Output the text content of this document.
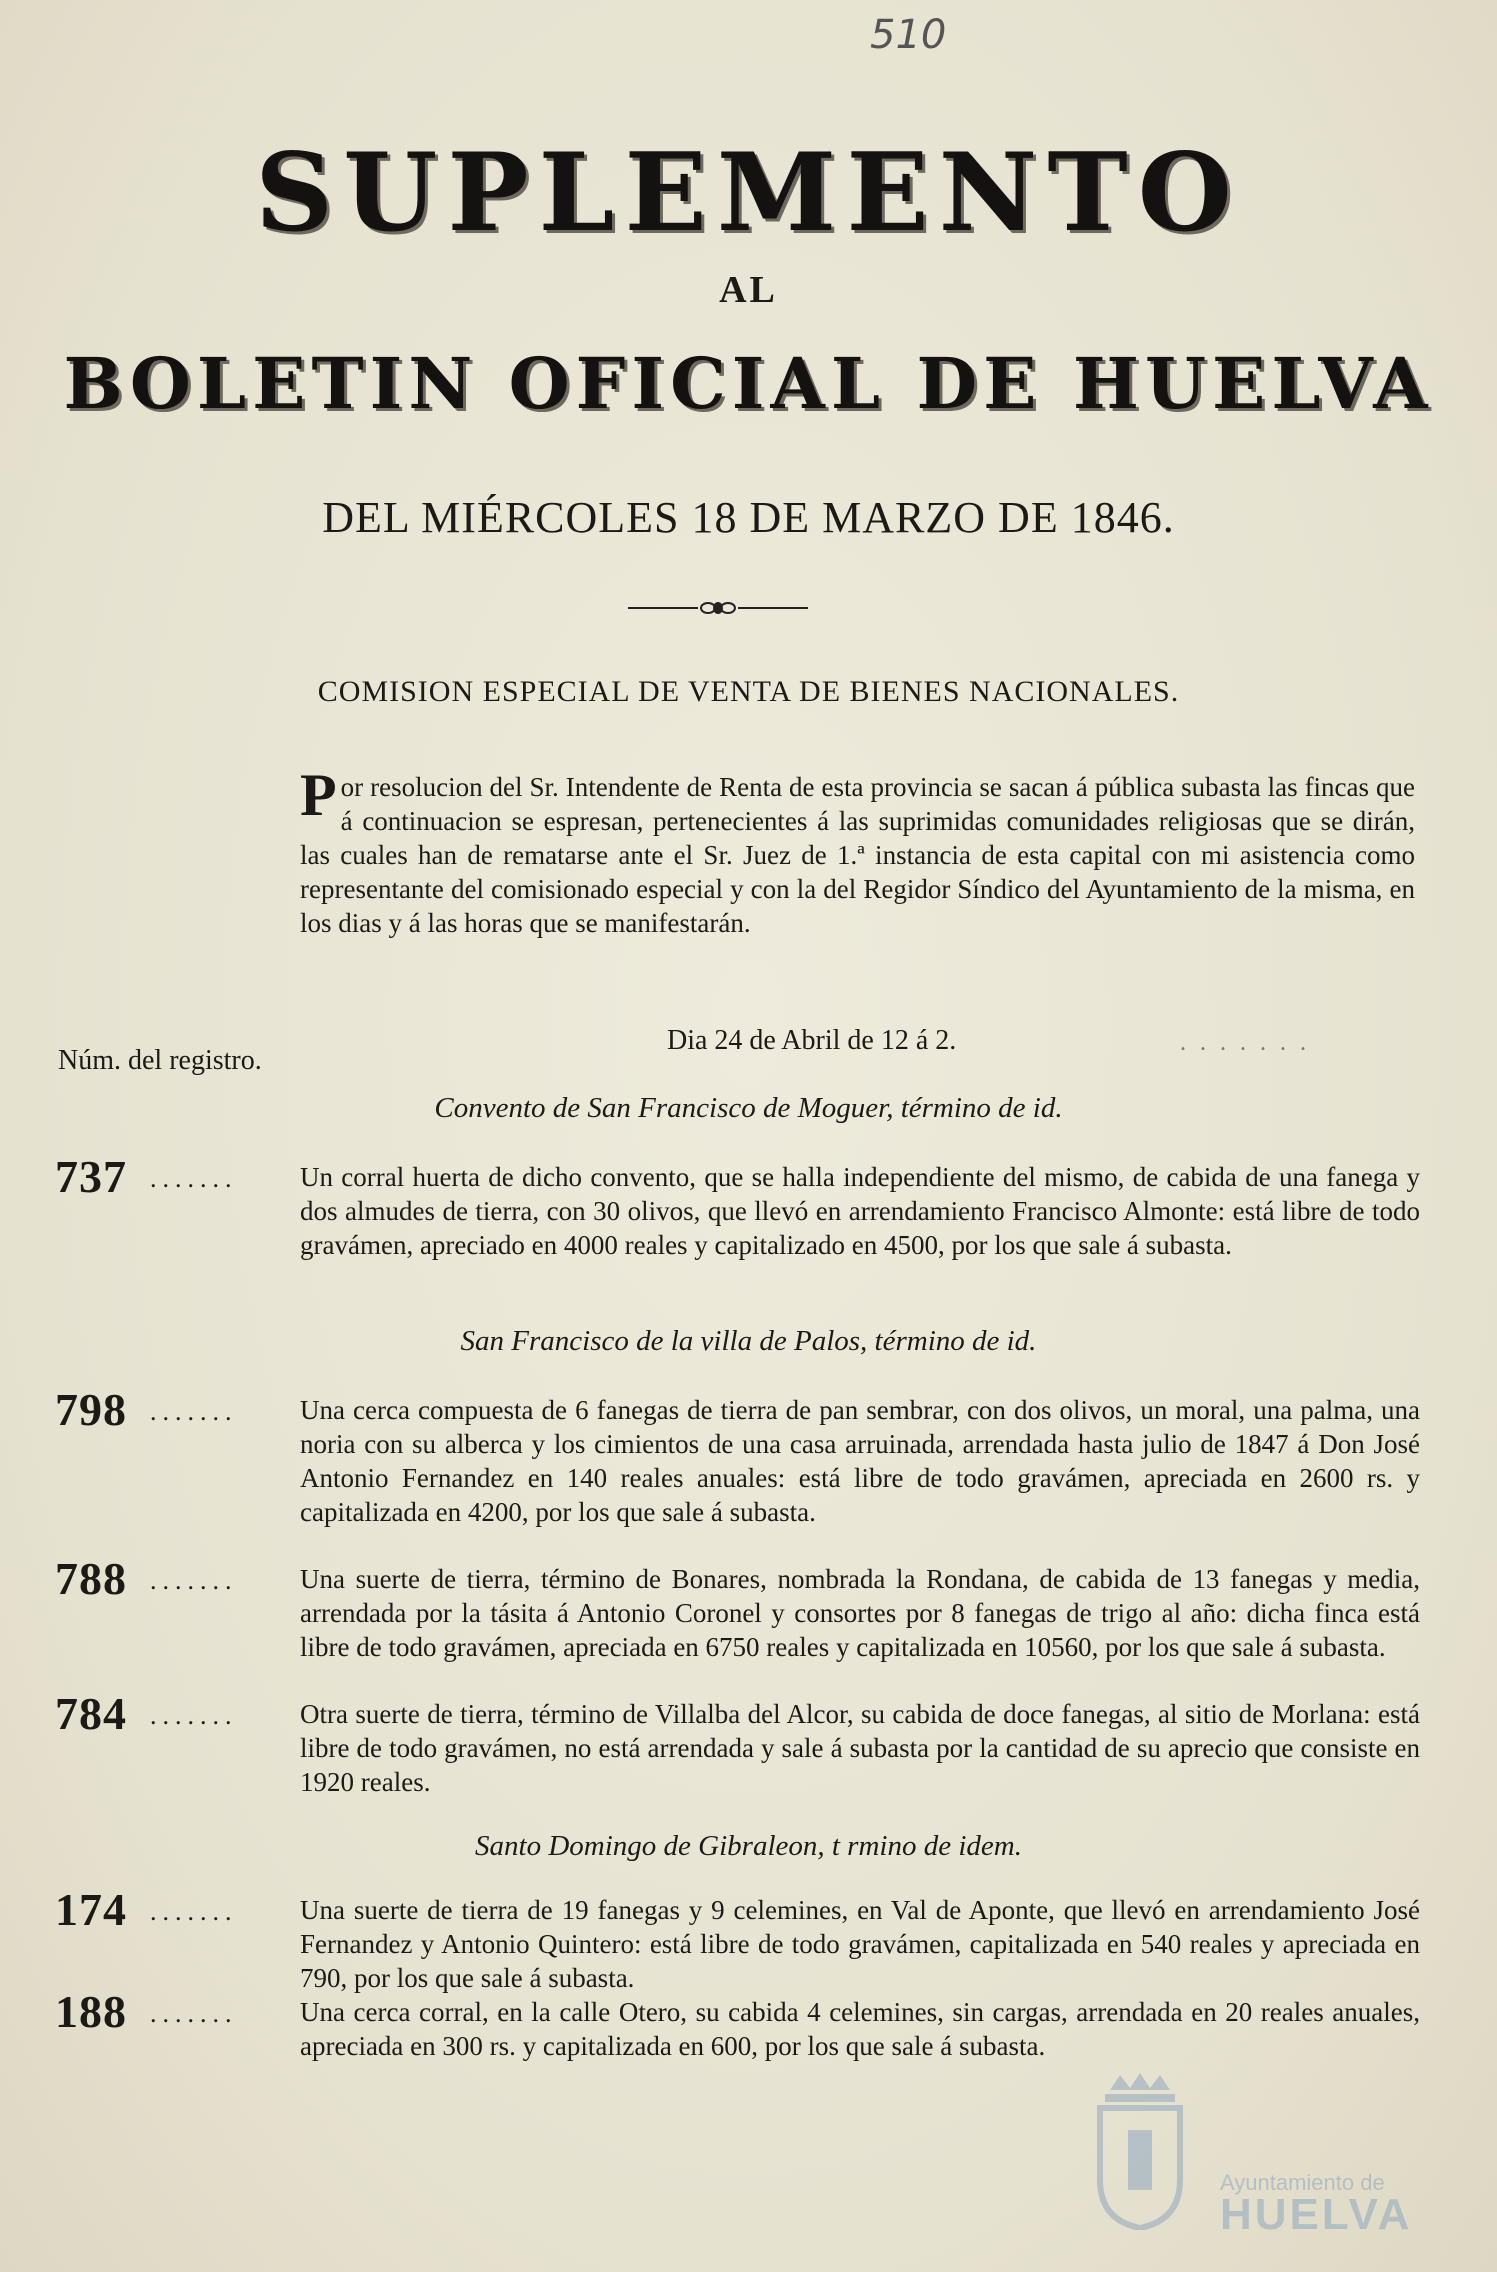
510
SUPLEMENTO
AL
BOLETIN OFICIAL DE HUELVA
DEL MIÉRCOLES 18 DE MARZO DE 1846.
COMISION ESPECIAL DE VENTA DE BIENES NACIONALES.
Por resolucion del Sr. Intendente de Renta de esta provincia se sacan á pública subasta las fincas que á continuacion se espresan, pertenecientes á las suprimidas comunidades religiosas que se dirán, las cuales han de rematarse ante el Sr. Juez de 1.ª instancia de esta capital con mi asistencia como representante del comisionado especial y con la del Regidor Síndico del Ayuntamiento de la misma, en los dias y á las horas que se manifestarán.
Núm. del registro.
Dia 24 de Abril de 12 á 2.	. . . . . . .
Convento de San Francisco de Moguer, término de id.
737 ....... Un corral huerta de dicho convento, que se halla independiente del mismo, de cabida de una fanega y dos almudes de tierra, con 30 olivos, que llevó en arrendamiento Francisco Almonte: está libre de todo gravámen, apreciado en 4000 reales y capitalizado en 4500, por los que sale á subasta.
San Francisco de la villa de Palos, término de id.
798 ....... Una cerca compuesta de 6 fanegas de tierra de pan sembrar, con dos olivos, un moral, una palma, una noria con su alberca y los cimientos de una casa arruinada, arrendada hasta julio de 1847 á Don José Antonio Fernandez en 140 reales anuales: está libre de todo gravámen, apreciada en 2600 rs. y capitalizada en 4200, por los que sale á subasta.
788 ....... Una suerte de tierra, término de Bonares, nombrada la Rondana, de cabida de 13 fanegas y media, arrendada por la tásita á Antonio Coronel y consortes por 8 fanegas de trigo al año: dicha finca está libre de todo gravámen, apreciada en 6750 reales y capitalizada en 10560, por los que sale á subasta.
784 ....... Otra suerte de tierra, término de Villalba del Alcor, su cabida de doce fanegas, al sitio de Morlana: está libre de todo gravámen, no está arrendada y sale á subasta por la cantidad de su aprecio que consiste en 1920 reales.
Santo Domingo de Gibraleon, t rmino de idem.
174 ....... Una suerte de tierra de 19 fanegas y 9 celemines, en Val de Aponte, que llevó en arrendamiento José Fernandez y Antonio Quintero: está libre de todo gravámen, capitalizada en 540 reales y apreciada en 790, por los que sale á subasta.
188 ....... Una cerca corral, en la calle Otero, su cabida 4 celemines, sin cargas, arrendada en 20 reales anuales, apreciada en 300 rs. y capitalizada en 600, por los que sale á subasta.
Ayuntamiento de
HUELVA
